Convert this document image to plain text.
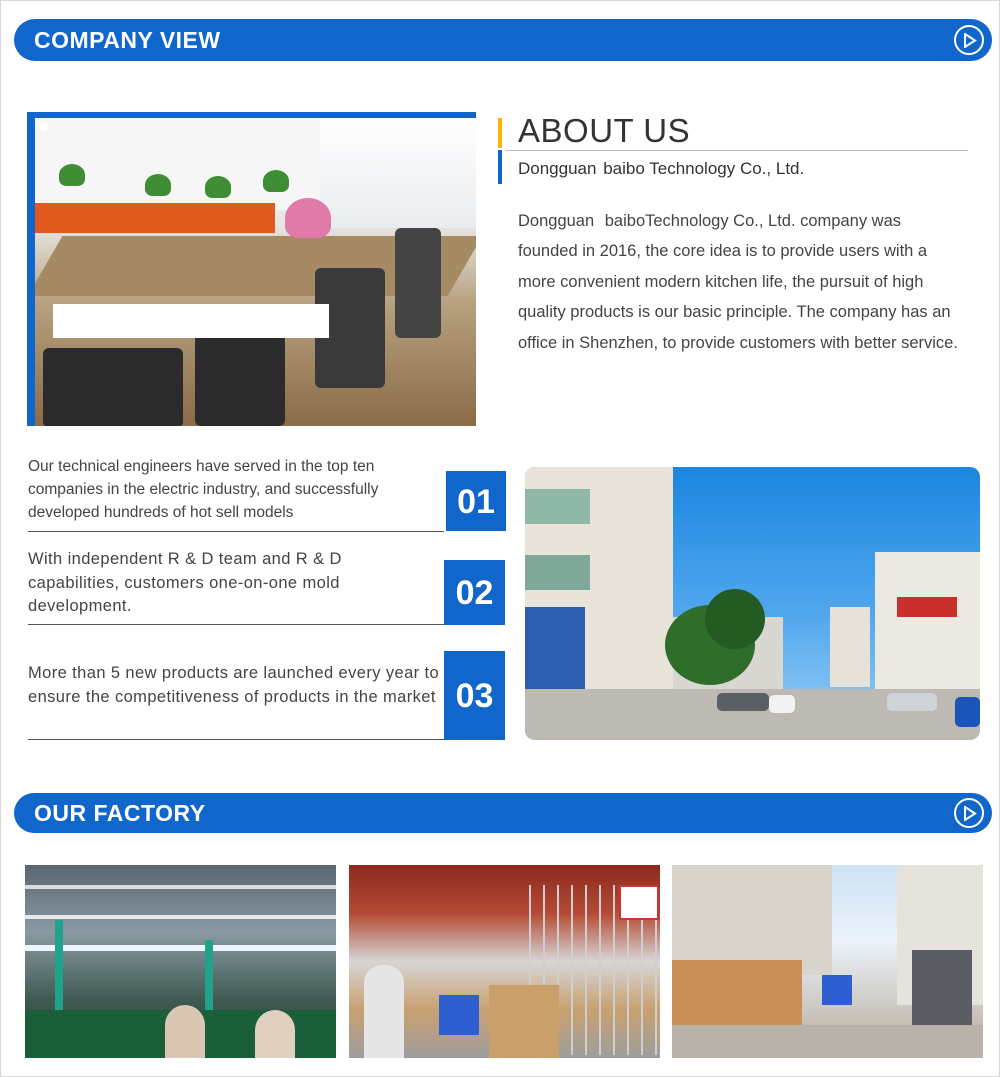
COMPANY VIEW
ABOUT US
Dongguan baibo Technology Co., Ltd.
Dongguan baiboTechnology Co., Ltd. company was founded in 2016, the core idea is to provide users with a more convenient modern kitchen life, the pursuit of high quality products is our basic principle. The company has an office in Shenzhen, to provide customers with better service.
Our technical engineers have served in the top ten companies in the electric industry, and successfully developed hundreds of hot sell models	01
With independent R & D team and R & D capabilities, customers one-on-one mold development.	02
More than 5 new products are launched every year to ensure the competitiveness of products in the market 03
OUR FACTORY
